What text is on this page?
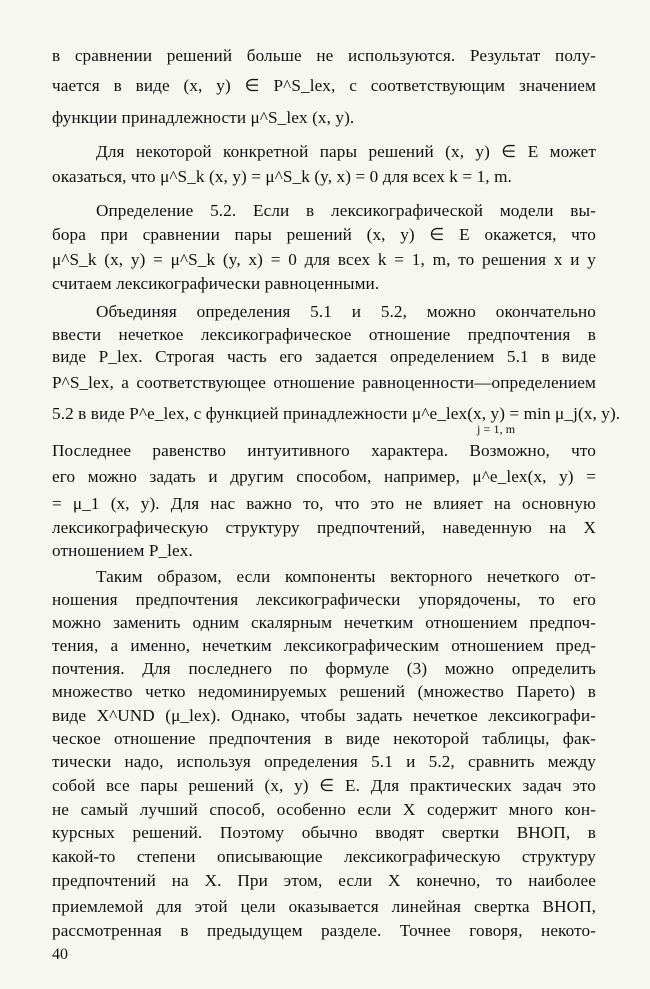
в сравнении решений больше не используются. Результат полу-
чается в виде (x, y) ∈ P^S_lex, с соответствующим значением
функции принадлежности μ^S_lex (x, y).
Для некоторой конкретной пары решений (x, y) ∈ E может
оказаться, что μ^S_k (x, y) = μ^S_k (y, x) = 0 для всех k = 1, m.
Определение 5.2. Если в лексикографической модели вы-
бора при сравнении пары решений (x, y) ∈ E окажется, что
μ^S_k (x, y) = μ^S_k (y, x) = 0 для всех k = 1, m, то решения x и y
считаем лексикографически равноценными.
Объединяя определения 5.1 и 5.2, можно окончательно
ввести нечеткое лексикографическое отношение предпочтения в
виде P_lex. Строгая часть его задается определением 5.1 в виде
P^S_lex, а соответствующее отношение равноценности—определением
5.2 в виде P^e_lex, с функцией принадлежности μ^e_lex(x, y) = min μ_j(x, y).
j = 1, m
Последнее равенство интуитивного характера. Возможно, что
его можно задать и другим способом, например, μ^e_lex(x, y) =
= μ_1 (x, y). Для нас важно то, что это не влияет на основную
лексикографическую структуру предпочтений, наведенную на X
отношением P_lex.
Таким образом, если компоненты векторного нечеткого от-
ношения предпочтения лексикографически упорядочены, то его
можно заменить одним скалярным нечетким отношением предпоч-
тения, а именно, нечетким лексикографическим отношением пред-
почтения. Для последнего по формуле (3) можно определить
множество четко недоминируемых решений (множество Парето) в
виде X^UND (μ_lex). Однако, чтобы задать нечеткое лексикографи-
ческое отношение предпочтения в виде некоторой таблицы, фак-
тически надо, используя определения 5.1 и 5.2, сравнить между
собой все пары решений (x, y) ∈ E. Для практических задач это
не самый лучший способ, особенно если X содержит много кон-
курсных решений. Поэтому обычно вводят свертки ВНОП, в
какой-то степени описывающие лексикографическую структуру
предпочтений на X. При этом, если X конечно, то наиболее
приемлемой для этой цели оказывается линейная свертка ВНОП,
рассмотренная в предыдущем разделе. Точнее говоря, некото-
40
